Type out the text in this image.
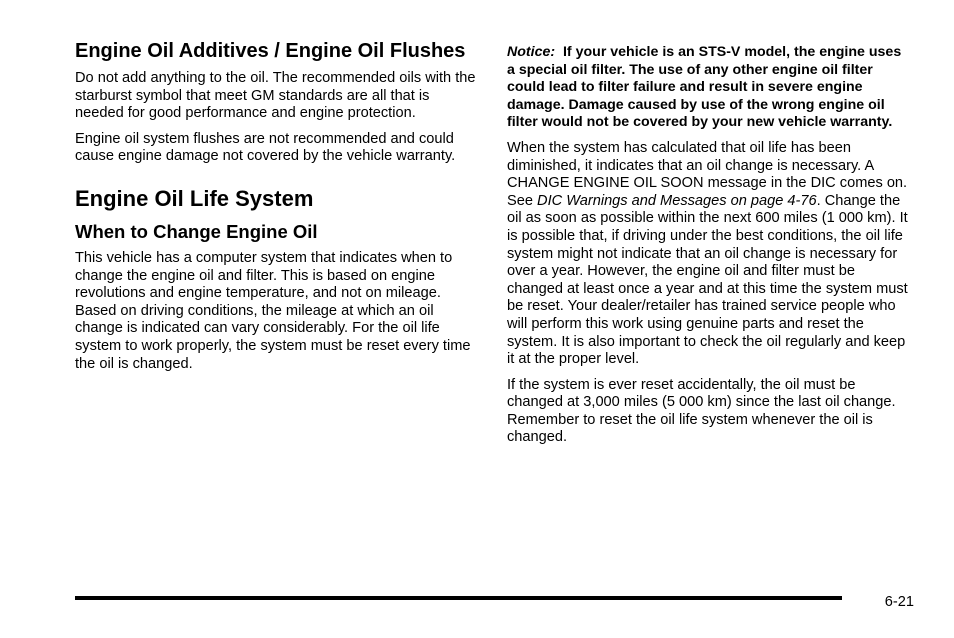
Engine Oil Additives / Engine Oil Flushes

Do not add anything to the oil. The recommended oils with the starburst symbol that meet GM standards are all that is needed for good performance and engine protection.

Engine oil system flushes are not recommended and could cause engine damage not covered by the vehicle warranty.

Engine Oil Life System
When to Change Engine Oil

This vehicle has a computer system that indicates when to change the engine oil and filter. This is based on engine revolutions and engine temperature, and not on mileage. Based on driving conditions, the mileage at which an oil change is indicated can vary considerably. For the oil life system to work properly, the system must be reset every time the oil is changed.

Notice: If your vehicle is an STS-V model, the engine uses a special oil filter. The use of any other engine oil filter could lead to filter failure and result in severe engine damage. Damage caused by use of the wrong engine oil filter would not be covered by your new vehicle warranty.

When the system has calculated that oil life has been diminished, it indicates that an oil change is necessary. A CHANGE ENGINE OIL SOON message in the DIC comes on. See DIC Warnings and Messages on page 4-76. Change the oil as soon as possible within the next 600 miles (1 000 km). It is possible that, if driving under the best conditions, the oil life system might not indicate that an oil change is necessary for over a year. However, the engine oil and filter must be changed at least once a year and at this time the system must be reset. Your dealer/retailer has trained service people who will perform this work using genuine parts and reset the system. It is also important to check the oil regularly and keep it at the proper level.

If the system is ever reset accidentally, the oil must be changed at 3,000 miles (5 000 km) since the last oil change. Remember to reset the oil life system whenever the oil is changed.

6-21
